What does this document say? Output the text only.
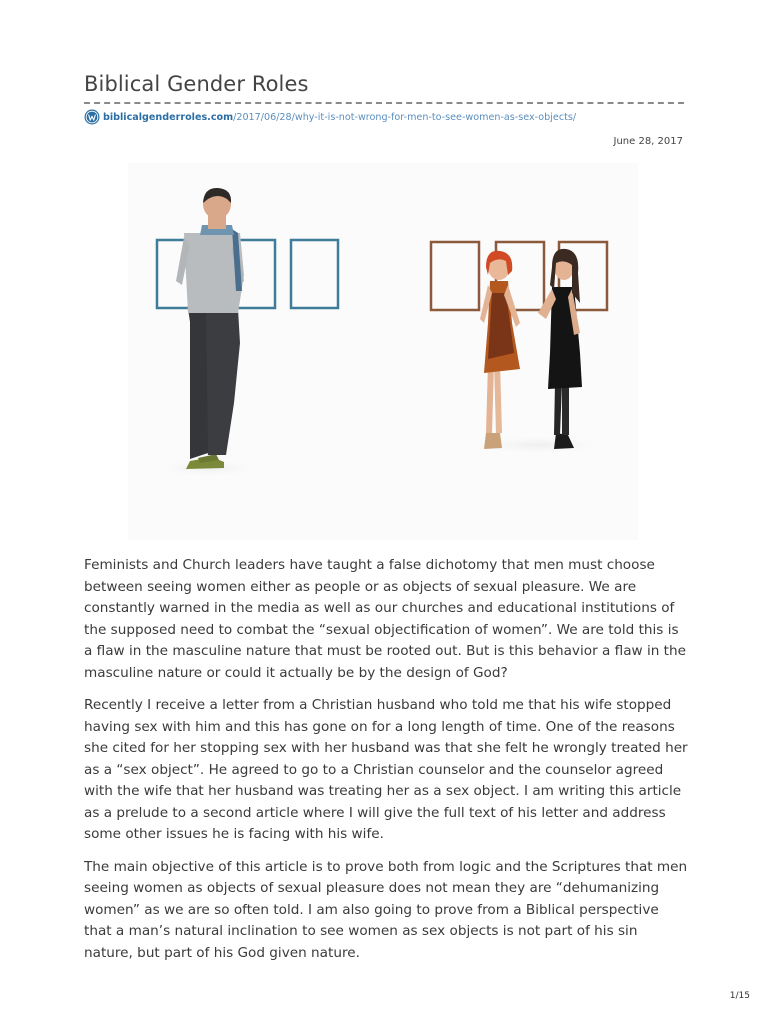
Biblical Gender Roles
biblicalgenderroles.com /2017/06/28/why-it-is-not-wrong-for-men-to-see-women-as-sex-objects/
June 28, 2017

Feminists and Church leaders have taught a false dichotomy that men must choose between seeing women either as people or as objects of sexual pleasure. We are constantly warned in the media as well as our churches and educational institutions of the supposed need to combat the “sexual objectification of women”. We are told this is a flaw in the masculine nature that must be rooted out. But is this behavior a flaw in the masculine nature or could it actually be by the design of God?

Recently I receive a letter from a Christian husband who told me that his wife stopped having sex with him and this has gone on for a long length of time. One of the reasons she cited for her stopping sex with her husband was that she felt he wrongly treated her as a “sex object”. He agreed to go to a Christian counselor and the counselor agreed with the wife that her husband was treating her as a sex object. I am writing this article as a prelude to a second article where I will give the full text of his letter and address some other issues he is facing with his wife.

The main objective of this article is to prove both from logic and the Scriptures that men seeing women as objects of sexual pleasure does not mean they are “dehumanizing women” as we are so often told. I am also going to prove from a Biblical perspective that a man’s natural inclination to see women as sex objects is not part of his sin nature, but part of his God given nature.

1/15
